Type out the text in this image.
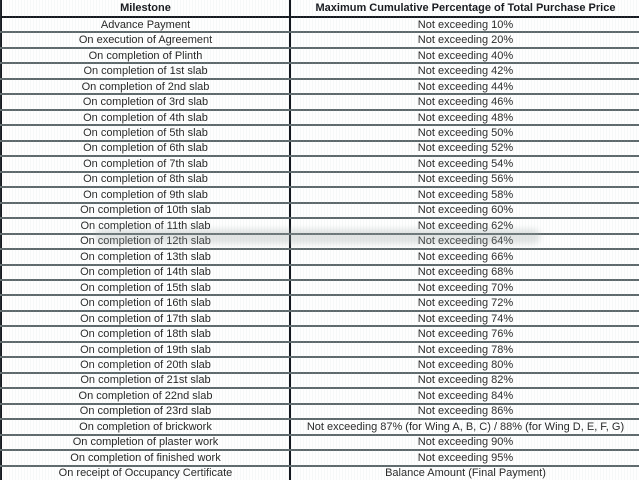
Milestone	Maximum Cumulative Percentage of Total Purchase Price
Advance Payment	Not exceeding 10%
On execution of Agreement	Not exceeding 20%
On completion of Plinth	Not exceeding 40%
On completion of 1st slab	Not exceeding 42%
On completion of 2nd slab	Not exceeding 44%
On completion of 3rd slab	Not exceeding 46%
On completion of 4th slab	Not exceeding 48%
On completion of 5th slab	Not exceeding 50%
On completion of 6th slab	Not exceeding 52%
On completion of 7th slab	Not exceeding 54%
On completion of 8th slab	Not exceeding 56%
On completion of 9th slab	Not exceeding 58%
On completion of 10th slab	Not exceeding 60%
On completion of 11th slab	Not exceeding 62%
On completion of 12th slab	Not exceeding 64%
On completion of 13th slab	Not exceeding 66%
On completion of 14th slab	Not exceeding 68%
On completion of 15th slab	Not exceeding 70%
On completion of 16th slab	Not exceeding 72%
On completion of 17th slab	Not exceeding 74%
On completion of 18th slab	Not exceeding 76%
On completion of 19th slab	Not exceeding 78%
On completion of 20th slab	Not exceeding 80%
On completion of 21st slab	Not exceeding 82%
On completion of 22nd slab	Not exceeding 84%
On completion of 23rd slab	Not exceeding 86%
On completion of brickwork	Not exceeding 87% (for Wing A, B, C) / 88% (for Wing D, E, F, G)
On completion of plaster work	Not exceeding 90%
On completion of finished work	Not exceeding 95%
On receipt of Occupancy Certificate	Balance Amount (Final Payment)
